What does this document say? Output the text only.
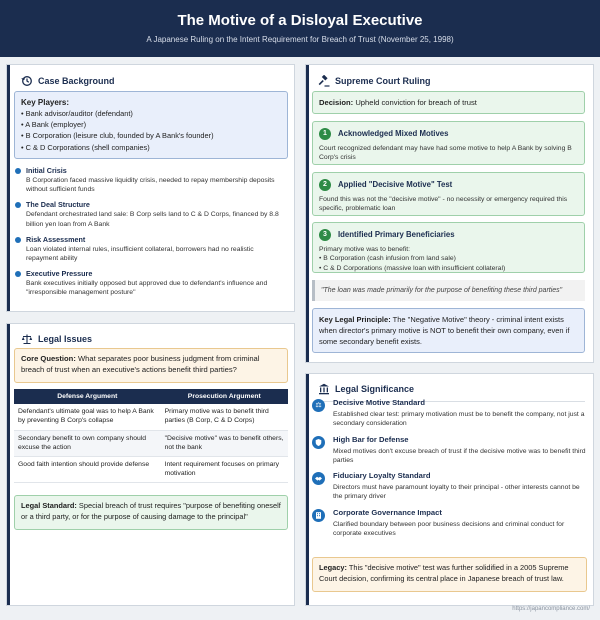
The Motive of a Disloyal Executive
A Japanese Ruling on the Intent Requirement for Breach of Trust (November 25, 1998)
Case Background
Key Players:
• Bank advisor/auditor (defendant)
• A Bank (employer)
• B Corporation (leisure club, founded by A Bank's founder)
• C & D Corporations (shell companies)
Initial Crisis
B Corporation faced massive liquidity crisis, needed to repay membership deposits without sufficient funds
The Deal Structure
Defendant orchestrated land sale: B Corp sells land to C & D Corps, financed by 8.8 billion yen loan from A Bank
Risk Assessment
Loan violated internal rules, insufficient collateral, borrowers had no realistic repayment ability
Executive Pressure
Bank executives initially opposed but approved due to defendant's influence and "irresponsible management posture"
Legal Issues
Core Question: What separates poor business judgment from criminal breach of trust when an executive's actions benefit third parties?
Defense Argument	Prosecution Argument
Defendant's ultimate goal was to help A Bank by preventing B Corp's collapse	Primary motive was to benefit third parties (B Corp, C & D Corps)
Secondary benefit to own company should excuse the action	"Decisive motive" was to benefit others, not the bank
Good faith intention should provide defense	Intent requirement focuses on primary motivation
Legal Standard: Special breach of trust requires "purpose of benefiting oneself or a third party, or for the purpose of causing damage to the principal"
Supreme Court Ruling
Decision: Upheld conviction for breach of trust
1	Acknowledged Mixed Motives
Court recognized defendant may have had some motive to help A Bank by solving B Corp's crisis
2	Applied "Decisive Motive" Test
Found this was not the "decisive motive" - no necessity or emergency required this specific, problematic loan
3	Identified Primary Beneficiaries
Primary motive was to benefit:
• B Corporation (cash infusion from land sale)
• C & D Corporations (massive loan with insufficient collateral)
"The loan was made primarily for the purpose of benefiting these third parties"
Key Legal Principle: The "Negative Motive" theory - criminal intent exists when director's primary motive is NOT to benefit their own company, even if some secondary benefit exists.
Legal Significance
⚖	Decisive Motive Standard
Established clear test: primary motivation must be to benefit the company, not just a secondary consideration
High Bar for Defense
Mixed motives don't excuse breach of trust if the decisive motive was to benefit third parties
Fiduciary Loyalty Standard
Directors must have paramount loyalty to their principal - other interests cannot be the primary driver
Corporate Governance Impact
Clarified boundary between poor business decisions and criminal conduct for corporate executives
Legacy: This "decisive motive" test was further solidified in a 2005 Supreme Court decision, confirming its central place in Japanese breach of trust law.
https://japancompliance.com/
